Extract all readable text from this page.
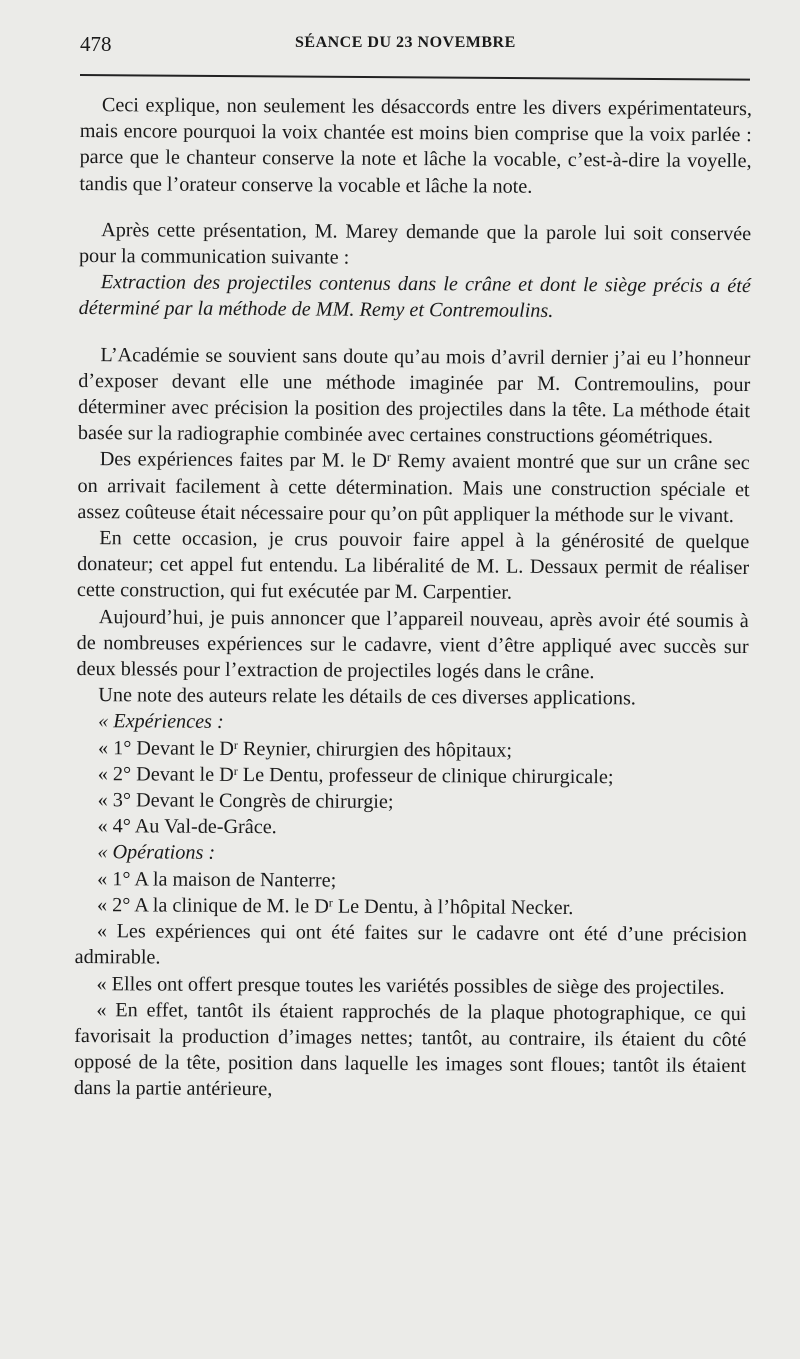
478	SÉANCE DU 23 NOVEMBRE

Ceci explique, non seulement les désaccords entre les divers expérimentateurs, mais encore pourquoi la voix chantée est moins bien comprise que la voix parlée : parce que le chanteur conserve la note et lâche la vocable, c’est-à-dire la voyelle, tandis que l’orateur conserve la vocable et lâche la note.

Après cette présentation, M. Marey demande que la parole lui soit conservée pour la communication suivante :

Extraction des projectiles contenus dans le crâne et dont le siège précis a été déterminé par la méthode de MM. Remy et Contremoulins.

L’Académie se souvient sans doute qu’au mois d’avril dernier j’ai eu l’honneur d’exposer devant elle une méthode imaginée par M. Contremoulins, pour déterminer avec précision la position des projectiles dans la tête. La méthode était basée sur la radiographie combinée avec certaines constructions géométriques.

Des expériences faites par M. le $D^r$ Remy avaient montré que sur un crâne sec on arrivait facilement à cette détermination. Mais une construction spéciale et assez coûteuse était nécessaire pour qu’on pût appliquer la méthode sur le vivant.

En cette occasion, je crus pouvoir faire appel à la générosité de quelque donateur; cet appel fut entendu. La libéralité de M. L. Dessaux permit de réaliser cette construction, qui fut exécutée par M. Carpentier.

Aujourd’hui, je puis annoncer que l’appareil nouveau, après avoir été soumis à de nombreuses expériences sur le cadavre, vient d’être appliqué avec succès sur deux blessés pour l’extraction de projectiles logés dans le crâne.

Une note des auteurs relate les détails de ces diverses applications.

« Expériences :

« 1° Devant le $D^r$ Reynier, chirurgien des hôpitaux;

« 2° Devant le $D^r$ Le Dentu, professeur de clinique chirurgicale;

« 3° Devant le Congrès de chirurgie;

« 4° Au Val-de-Grâce.

« Opérations :

« 1° A la maison de Nanterre;

« 2° A la clinique de M. le $D^r$ Le Dentu, à l’hôpital Necker.

« Les expériences qui ont été faites sur le cadavre ont été d’une précision admirable.

« Elles ont offert presque toutes les variétés possibles de siège des projectiles.

« En effet, tantôt ils étaient rapprochés de la plaque photographique, ce qui favorisait la production d’images nettes; tantôt, au contraire, ils étaient du côté opposé de la tête, position dans laquelle les images sont floues; tantôt ils étaient dans la partie antérieure,
